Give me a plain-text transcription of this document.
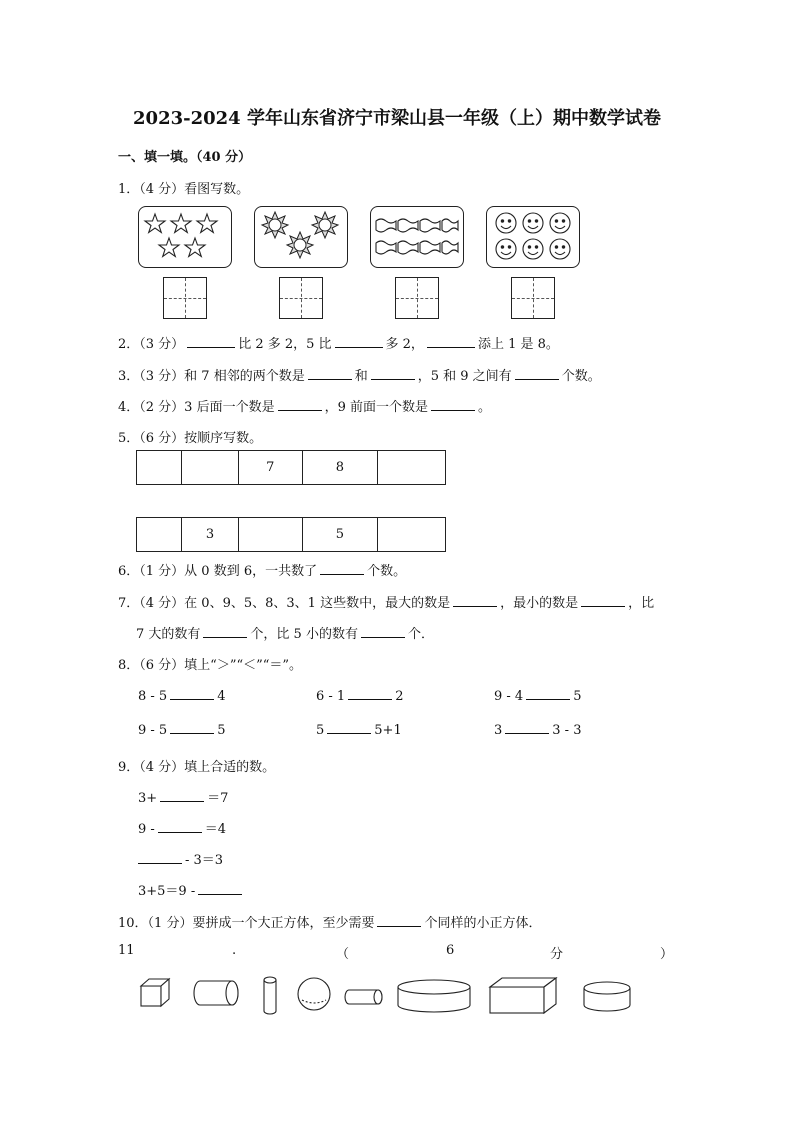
2023-2024 学年山东省济宁市梁山县一年级（上）期中数学试卷
一、填一填。（40 分）
1．（4 分）看图写数。
2．（3 分）	比 2 多 2，5 比	多 2，	添上 1 是 8。
3．（3 分）和 7 相邻的两个数是	和	，5 和 9 之间有	个数。
4．（2 分）3 后面一个数是	，9 前面一个数是	。
5．（6 分）按顺序写数。
		7	8	
	3		5	
6．（1 分）从 0 数到 6，一共数了	个数。
7．（4 分）在 0、9、5、8、3、1 这些数中，最大的数是	，最小的数是	，比
7 大的数有	个，比 5 小的数有	个．
8．（6 分）填上“＞”“＜”“＝”。
8 - 5	4	6 - 1	2	9 - 4	5
9 - 5	5	5	5+1	3	3 - 3
9．（4 分）填上合适的数。
3+	＝7
9 -	＝4
- 3＝3
3+5＝9 -
10．（1 分）要拼成一个大正方体，至少需要	个同样的小正方体．
11	.	（	6	分	）
